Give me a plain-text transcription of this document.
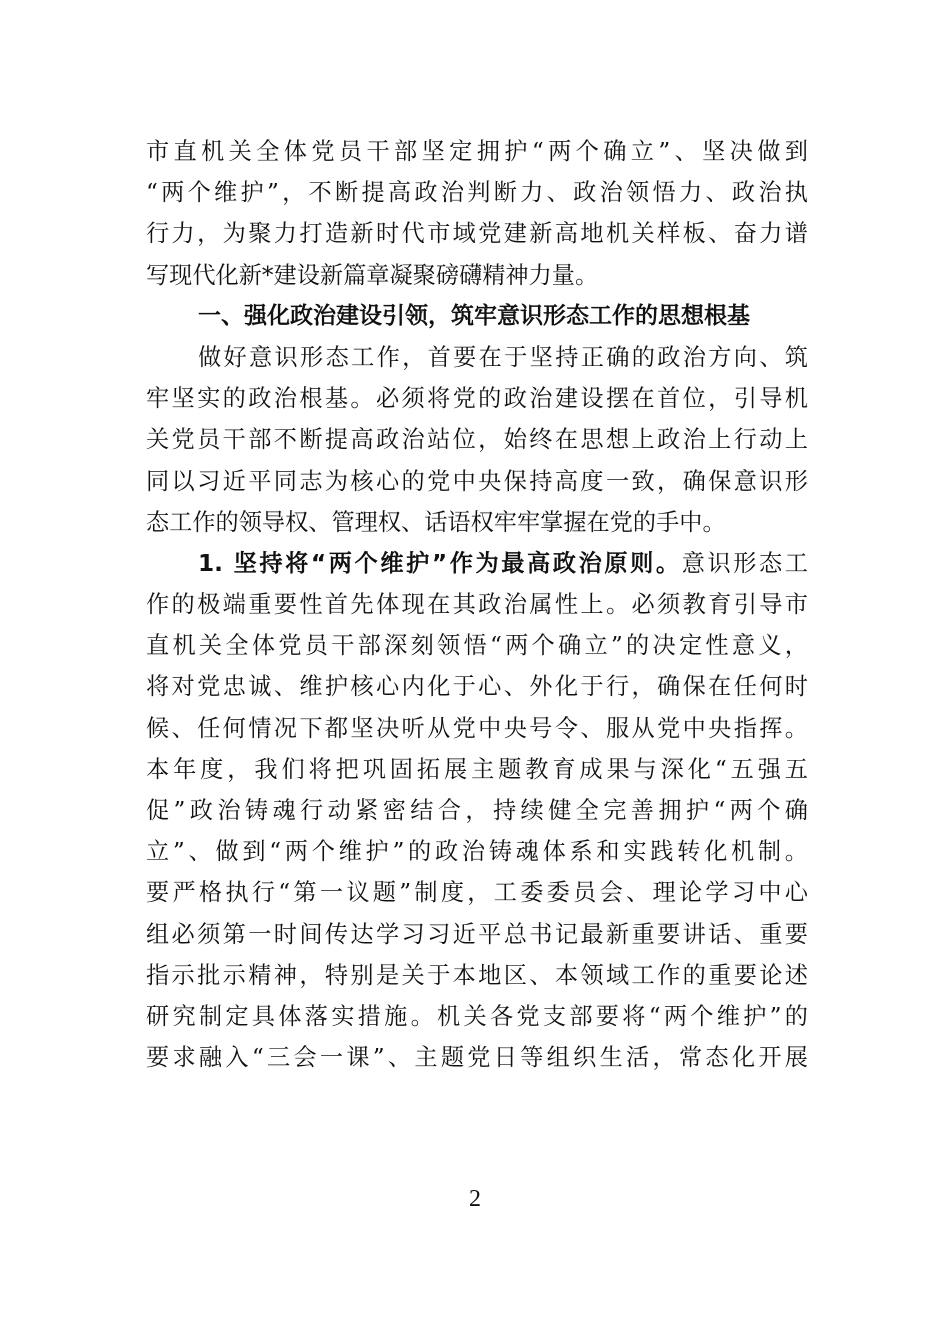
市直机关全体党员干部坚定拥护“两个确立”、坚决做到
“两个维护”，不断提高政治判断力、政治领悟力、政治执
行力，为聚力打造新时代市域党建新高地机关样板、奋力谱
写现代化新*建设新篇章凝聚磅礴精神力量。
一、强化政治建设引领，筑牢意识形态工作的思想根基
做好意识形态工作，首要在于坚持正确的政治方向、筑
牢坚实的政治根基。必须将党的政治建设摆在首位，引导机
关党员干部不断提高政治站位，始终在思想上政治上行动上
同以习近平同志为核心的党中央保持高度一致，确保意识形
态工作的领导权、管理权、话语权牢牢掌握在党的手中。
1. 坚持将“两个维护”作为最高政治原则。意识形态工
作的极端重要性首先体现在其政治属性上。必须教育引导市
直机关全体党员干部深刻领悟“两个确立”的决定性意义，
将对党忠诚、维护核心内化于心、外化于行，确保在任何时
候、任何情况下都坚决听从党中央号令、服从党中央指挥。
本年度，我们将把巩固拓展主题教育成果与深化“五强五
促”政治铸魂行动紧密结合，持续健全完善拥护“两个确
立”、做到“两个维护”的政治铸魂体系和实践转化机制。
要严格执行“第一议题”制度，工委委员会、理论学习中心
组必须第一时间传达学习习近平总书记最新重要讲话、重要
指示批示精神，特别是关于本地区、本领域工作的重要论述
研究制定具体落实措施。机关各党支部要将“两个维护”的
要求融入“三会一课”、主题党日等组织生活，常态化开展
2
